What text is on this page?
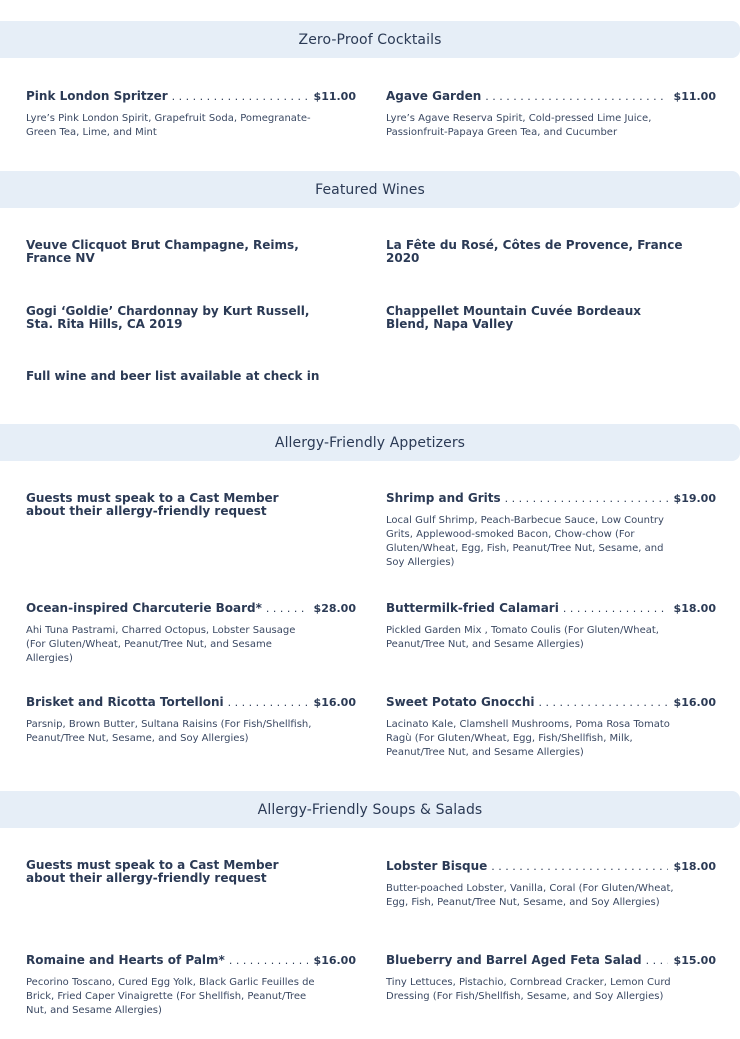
Zero-Proof Cocktails
Pink London Spritzer . . .	$11.00
Lyre’s Pink London Spirit, Grapefruit Soda, Pomegranate-Green Tea, Lime, and Mint
Agave Garden . . .	$11.00
Lyre’s Agave Reserva Spirit, Cold-pressed Lime Juice, Passionfruit-Papaya Green Tea, and Cucumber
Featured Wines
Veuve Clicquot Brut Champagne, Reims, France NV
La Fête du Rosé, Côtes de Provence, France 2020
Gogi ‘Goldie’ Chardonnay by Kurt Russell, Sta. Rita Hills, CA 2019
Chappellet Mountain Cuvée Bordeaux Blend, Napa Valley
Full wine and beer list available at check in
Allergy-Friendly Appetizers
Guests must speak to a Cast Member about their allergy-friendly request
Shrimp and Grits . . .	$19.00
Local Gulf Shrimp, Peach-Barbecue Sauce, Low Country Grits, Applewood-smoked Bacon, Chow-chow (For Gluten/Wheat, Egg, Fish, Peanut/Tree Nut, Sesame, and Soy Allergies)
Ocean-inspired Charcuterie Board* . . .	$28.00
Ahi Tuna Pastrami, Charred Octopus, Lobster Sausage (For Gluten/Wheat, Peanut/Tree Nut, and Sesame Allergies)
Buttermilk-fried Calamari . . .	$18.00
Pickled Garden Mix , Tomato Coulis (For Gluten/Wheat, Peanut/Tree Nut, and Sesame Allergies)
Brisket and Ricotta Tortelloni . . .	$16.00
Parsnip, Brown Butter, Sultana Raisins (For Fish/Shellfish, Peanut/Tree Nut, Sesame, and Soy Allergies)
Sweet Potato Gnocchi . . .	$16.00
Lacinato Kale, Clamshell Mushrooms, Poma Rosa Tomato Ragù (For Gluten/Wheat, Egg, Fish/Shellfish, Milk, Peanut/Tree Nut, and Sesame Allergies)
Allergy-Friendly Soups & Salads
Guests must speak to a Cast Member about their allergy-friendly request
Lobster Bisque . . .	$18.00
Butter-poached Lobster, Vanilla, Coral (For Gluten/Wheat, Egg, Fish, Peanut/Tree Nut, Sesame, and Soy Allergies)
Romaine and Hearts of Palm* . . .	$16.00
Pecorino Toscano, Cured Egg Yolk, Black Garlic Feuilles de Brick, Fried Caper Vinaigrette (For Shellfish, Peanut/Tree Nut, and Sesame Allergies)
Blueberry and Barrel Aged Feta Salad . . .	$15.00
Tiny Lettuces, Pistachio, Cornbread Cracker, Lemon Curd Dressing (For Fish/Shellfish, Sesame, and Soy Allergies)
